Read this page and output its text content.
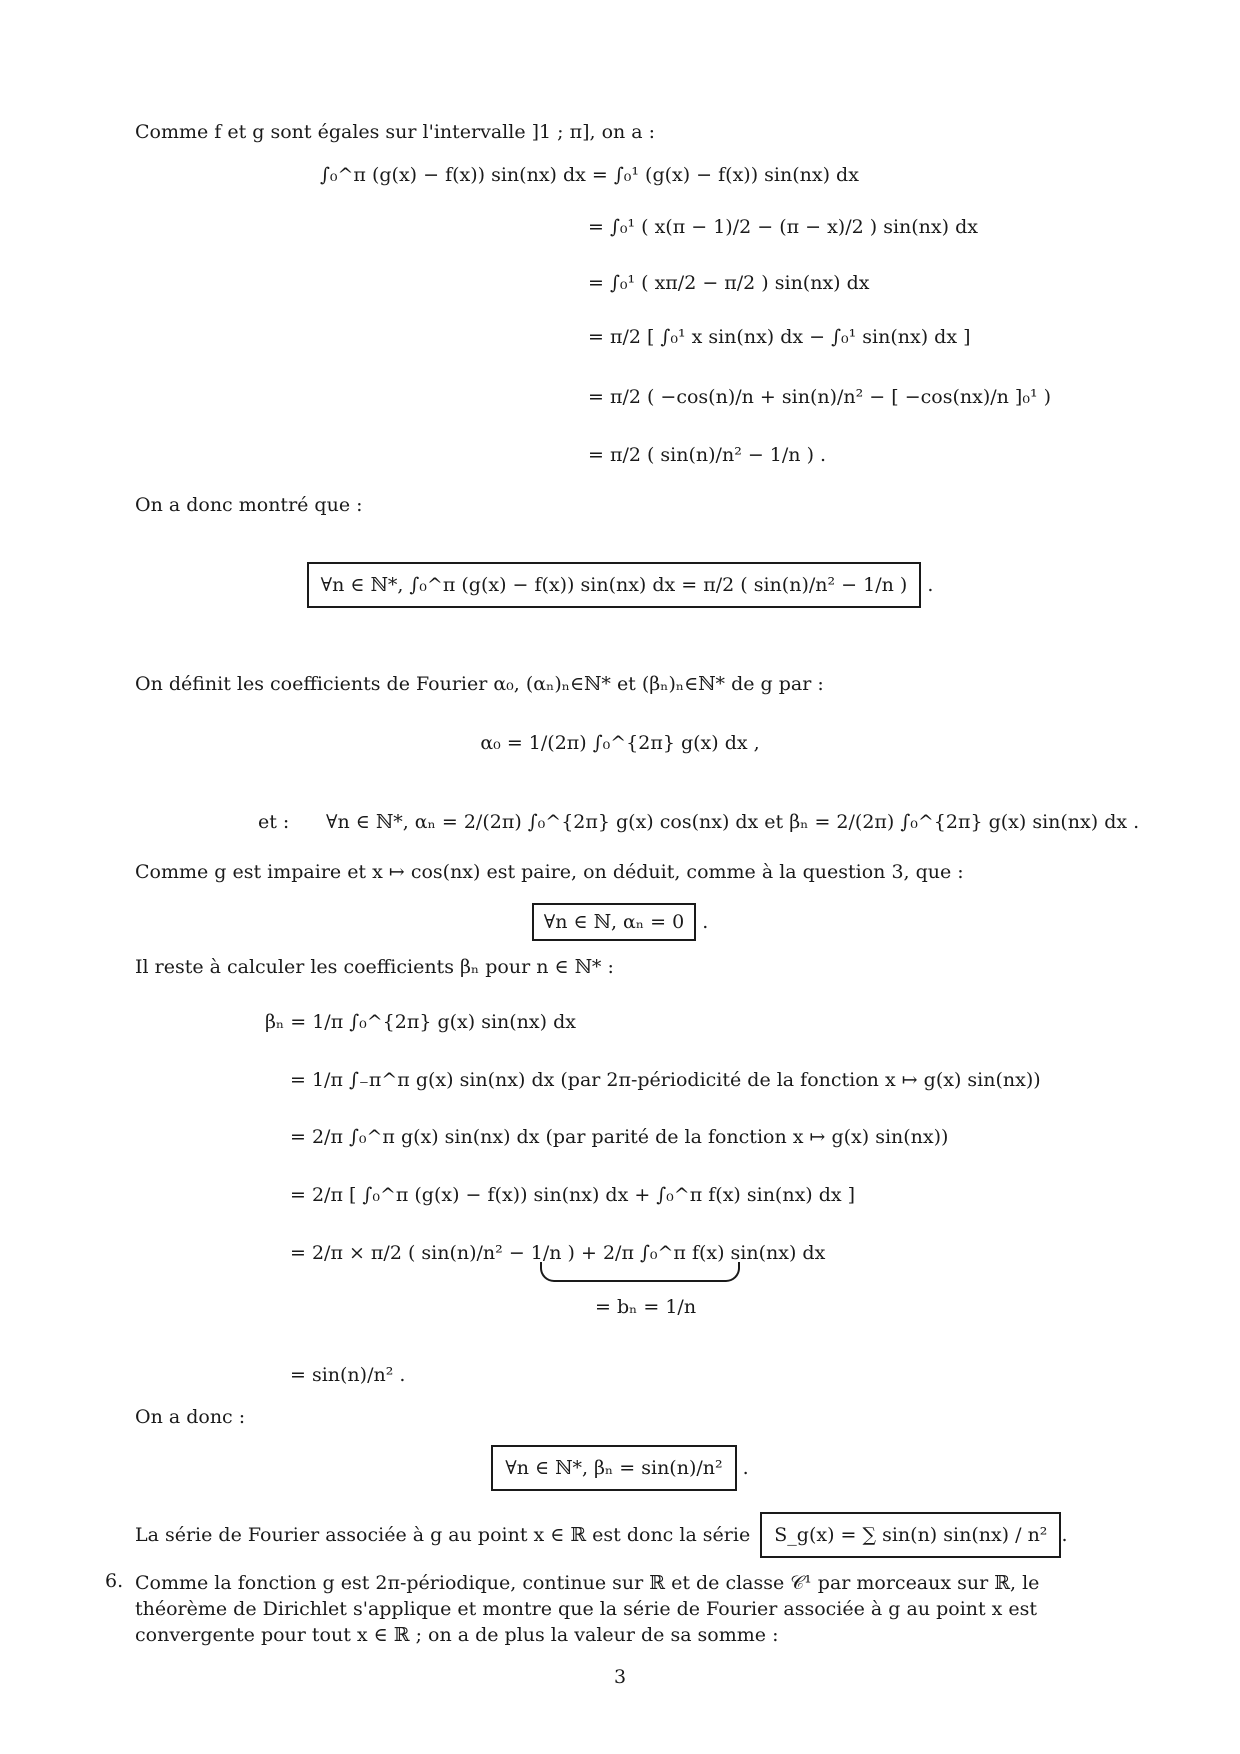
Comme f et g sont égales sur l'intervalle ]1 ; π], on a :
∫₀^π (g(x) − f(x)) sin(nx) dx = ∫₀¹ (g(x) − f(x)) sin(nx) dx
= ∫₀¹ ( x(π − 1)/2 − (π − x)/2 ) sin(nx) dx
= ∫₀¹ ( xπ/2 − π/2 ) sin(nx) dx
= π/2 [ ∫₀¹ x sin(nx) dx − ∫₀¹ sin(nx) dx ]
= π/2 ( −cos(n)/n + sin(n)/n² − [ −cos(nx)/n ]₀¹ )
= π/2 ( sin(n)/n² − 1/n ) .
On a donc montré que :
∀n ∈ ℕ*, ∫₀^π (g(x) − f(x)) sin(nx) dx = π/2 ( sin(n)/n² − 1/n ) .
On définit les coefficients de Fourier α₀, (αₙ)ₙ∈ℕ* et (βₙ)ₙ∈ℕ* de g par :
α₀ = 1/(2π) ∫₀^{2π} g(x) dx ,
et : ∀n ∈ ℕ*, αₙ = 2/(2π) ∫₀^{2π} g(x) cos(nx) dx et βₙ = 2/(2π) ∫₀^{2π} g(x) sin(nx) dx .
Comme g est impaire et x ↦ cos(nx) est paire, on déduit, comme à la question 3, que :
∀n ∈ ℕ, αₙ = 0 .
Il reste à calculer les coefficients βₙ pour n ∈ ℕ* :
βₙ = 1/π ∫₀^{2π} g(x) sin(nx) dx
= 1/π ∫₋π^π g(x) sin(nx) dx (par 2π-périodicité de la fonction x ↦ g(x) sin(nx))
= 2/π ∫₀^π g(x) sin(nx) dx (par parité de la fonction x ↦ g(x) sin(nx))
= 2/π [ ∫₀^π (g(x) − f(x)) sin(nx) dx + ∫₀^π f(x) sin(nx) dx ]
= 2/π × π/2 ( sin(n)/n² − 1/n ) + 2/π ∫₀^π f(x) sin(nx) dx
= bₙ = 1/n
= sin(n)/n² .
On a donc :
∀n ∈ ℕ*, βₙ = sin(n)/n² .
La série de Fourier associée à g au point x ∈ ℝ est donc la série S_g(x) = ∑ sin(n) sin(nx) / n² .
6. Comme la fonction g est 2π-périodique, continue sur ℝ et de classe 𝒞¹ par morceaux sur ℝ, le théorème de Dirichlet s'applique et montre que la série de Fourier associée à g au point x est convergente pour tout x ∈ ℝ ; on a de plus la valeur de sa somme :
3
